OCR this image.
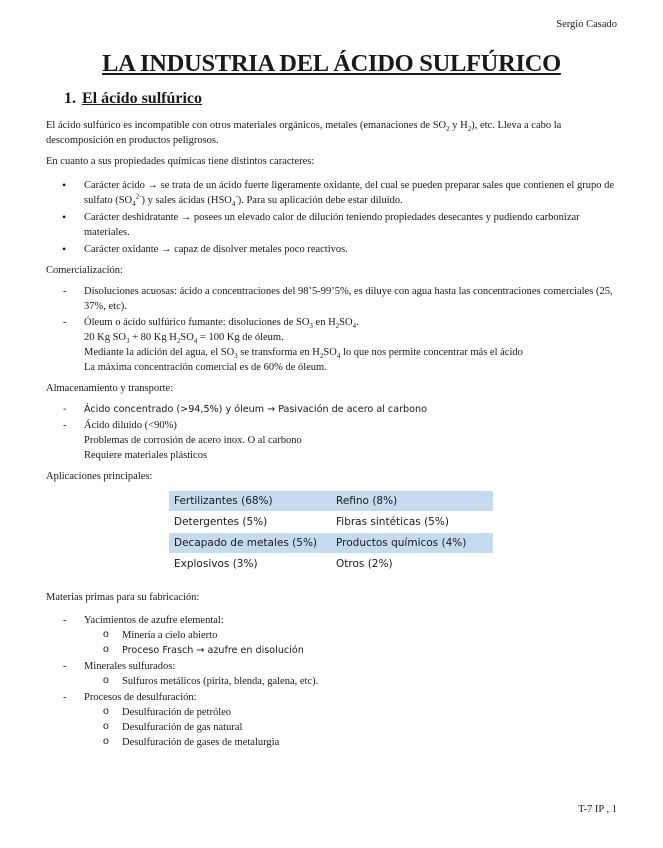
Sergio Casado
LA INDUSTRIA DEL ÁCIDO SULFÚRICO
1. El ácido sulfúrico

El ácido sulfúrico es incompatible con otros materiales orgánicos, metales (emanaciones de $SO_2$ y $H_2$), etc. Lleva a cabo la descomposición en productos peligrosos.

En cuanto a sus propiedades químicas tiene distintos caracteres:

• Carácter ácido → se trata de un ácido fuerte ligeramente oxidante, del cual se pueden preparar sales que contienen el grupo de sulfato $(SO_4^{2-})$ y sales ácidas $(HSO_4^-)$. Para su aplicación debe estar diluido.
• Carácter deshidratante → posees un elevado calor de dilución teniendo propiedades desecantes y pudiendo carbonizar materiales.
• Carácter oxidante → capaz de disolver metales poco reactivos.

Comercialización:

- Disoluciones acuosas: ácido a concentraciones del 98’5-99’5%, es diluye con agua hasta las concentraciones comerciales (25, 37%, etc).
- Óleum o ácido sulfúrico fumante: disoluciones de $SO_3$ en $H_2SO_4$.
20 Kg $SO_3 + 80$ Kg $H_2SO_4 = 100$ Kg de óleum.
Mediante la adición del agua, el $SO_3$ se transforma en $H_2SO_4$ lo que nos permite concentrar más el ácido
La máxima concentración comercial es de 60% de óleum.

Almacenamiento y transporte:

- Ácido concentrado (>94,5%) y óleum → Pasivación de acero al carbono
- Ácido diluido (<90%)
Problemas de corrosión de acero inox. O al carbono
Requiere materiales plásticos

Aplicaciones principales:

Fertilizantes (68%)	Refino (8%)
Detergentes (5%)	Fibras sintéticas (5%)
Decapado de metales (5%)	Productos químicos (4%)
Explosivos (3%)	Otros (2%)

Materias primas para su fabricación:

- Yacimientos de azufre elemental:
o Minería a cielo abierto
o Proceso Frasch → azufre en disolución
- Minerales sulfurados:
o Sulfuros metálicos (pirita, blenda, galena, etc).
- Procesos de desulfuración:
o Desulfuración de petróleo
o Desulfuración de gas natural
o Desulfuración de gases de metalurgia
T-7 IP , 1
